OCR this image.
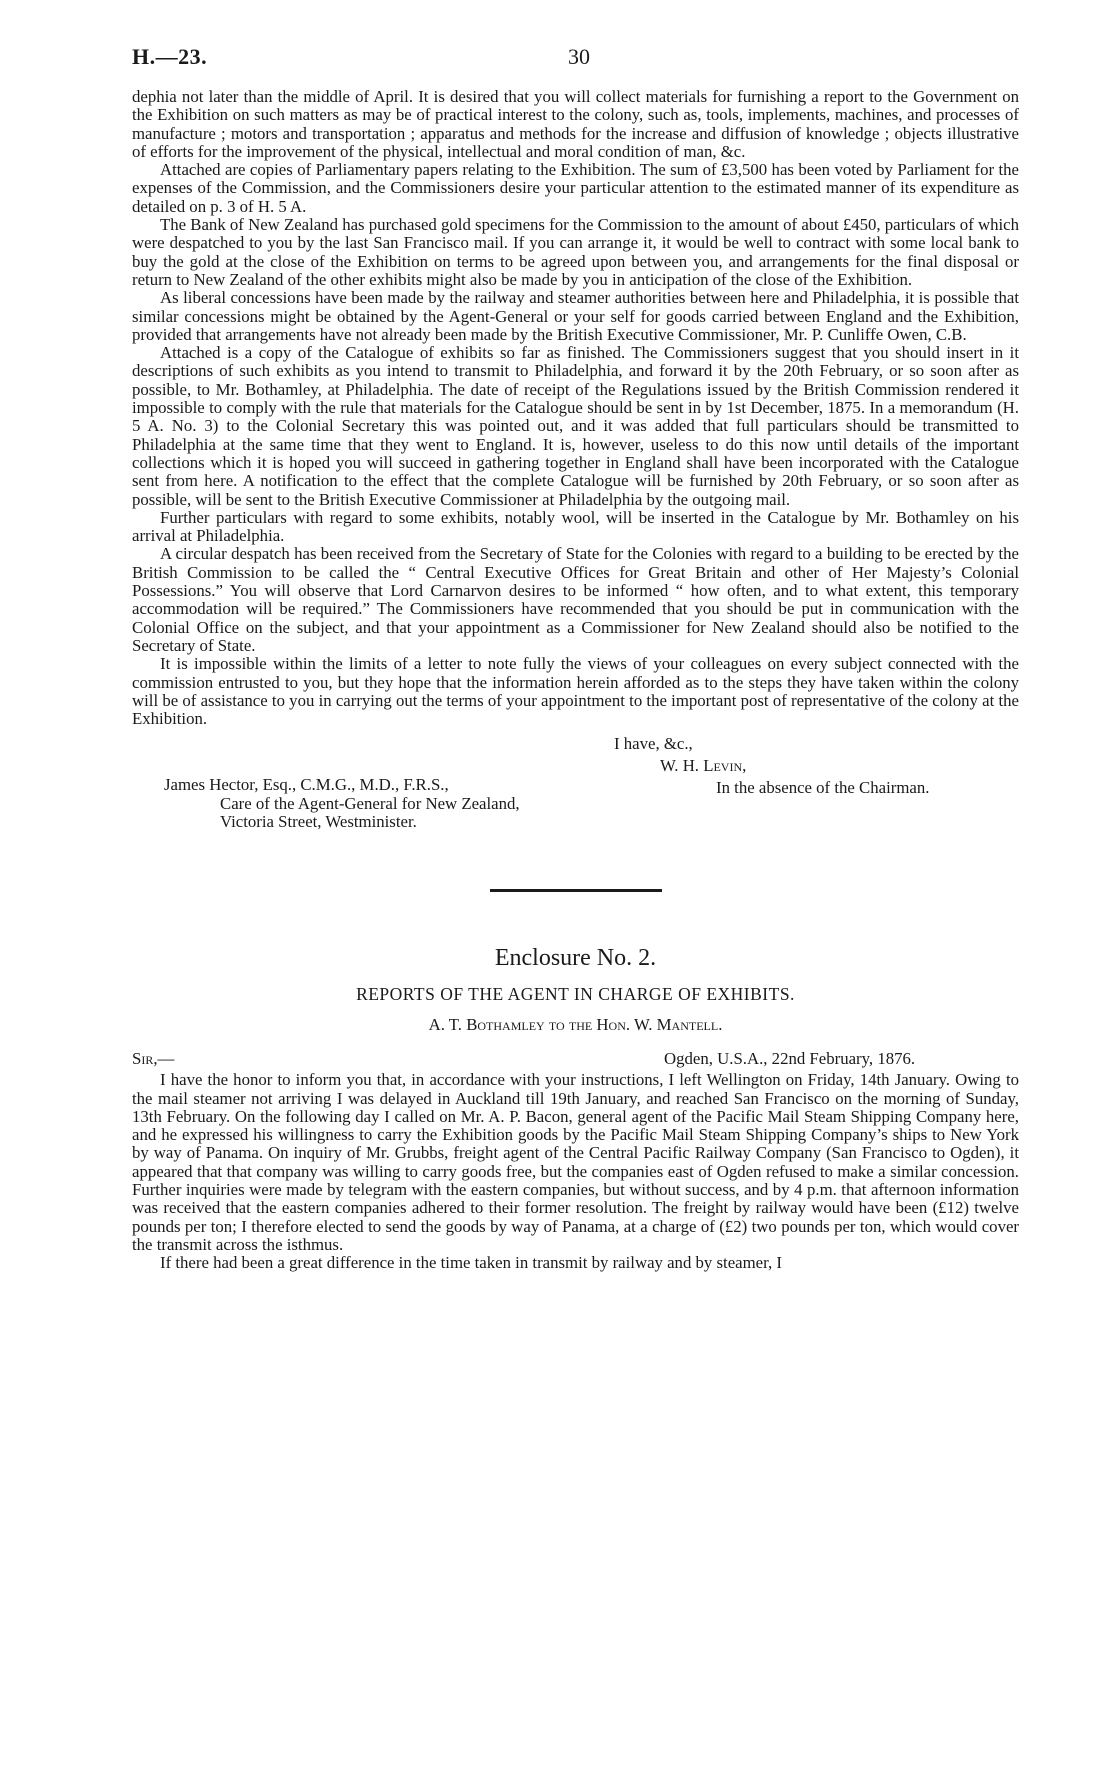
H.—23.	30

dephia not later than the middle of April. It is desired that you will collect materials for furnishing a report to the Government on the Exhibition on such matters as may be of practical interest to the colony, such as, tools, implements, machines, and processes of manufacture ; motors and transportation ; apparatus and methods for the increase and diffusion of knowledge ; objects illustrative of efforts for the improvement of the physical, intellectual and moral condition of man, &c.

Attached are copies of Parliamentary papers relating to the Exhibition. The sum of £3,500 has been voted by Parliament for the expenses of the Commission, and the Commissioners desire your particular attention to the estimated manner of its expenditure as detailed on p. 3 of H. 5 A.

The Bank of New Zealand has purchased gold specimens for the Commission to the amount of about £450, particulars of which were despatched to you by the last San Francisco mail. If you can arrange it, it would be well to contract with some local bank to buy the gold at the close of the Exhibition on terms to be agreed upon between you, and arrangements for the final disposal or return to New Zealand of the other exhibits might also be made by you in anticipation of the close of the Exhibition.

As liberal concessions have been made by the railway and steamer authorities between here and Philadelphia, it is possible that similar concessions might be obtained by the Agent-General or your self for goods carried between England and the Exhibition, provided that arrangements have not already been made by the British Executive Commissioner, Mr. P. Cunliffe Owen, C.B.

Attached is a copy of the Catalogue of exhibits so far as finished. The Commissioners suggest that you should insert in it descriptions of such exhibits as you intend to transmit to Philadelphia, and forward it by the 20th February, or so soon after as possible, to Mr. Bothamley, at Philadelphia. The date of receipt of the Regulations issued by the British Commission rendered it impossible to comply with the rule that materials for the Catalogue should be sent in by 1st December, 1875. In a memorandum (H. 5 A. No. 3) to the Colonial Secretary this was pointed out, and it was added that full particulars should be transmitted to Philadelphia at the same time that they went to England. It is, however, useless to do this now until details of the important collections which it is hoped you will succeed in gathering together in England shall have been incorporated with the Catalogue sent from here. A notification to the effect that the complete Catalogue will be furnished by 20th February, or so soon after as possible, will be sent to the British Executive Commissioner at Philadelphia by the outgoing mail.

Further particulars with regard to some exhibits, notably wool, will be inserted in the Catalogue by Mr. Bothamley on his arrival at Philadelphia.

A circular despatch has been received from the Secretary of State for the Colonies with regard to a building to be erected by the British Commission to be called the “ Central Executive Offices for Great Britain and other of Her Majesty’s Colonial Possessions.” You will observe that Lord Carnarvon desires to be informed “ how often, and to what extent, this temporary accommodation will be required.” The Commissioners have recommended that you should be put in communication with the Colonial Office on the subject, and that your appointment as a Commissioner for New Zealand should also be notified to the Secretary of State.

It is impossible within the limits of a letter to note fully the views of your colleagues on every subject connected with the commission entrusted to you, but they hope that the information herein afforded as to the steps they have taken within the colony will be of assistance to you in carrying out the terms of your appointment to the important post of representative of the colony at the Exhibition.

I have, &c.,
W. H. Levin,
In the absence of the Chairman.
James Hector, Esq., C.M.G., M.D., F.R.S.,
Care of the Agent-General for New Zealand,
Victoria Street, Westminister.
Enclosure No. 2.
REPORTS OF THE AGENT IN CHARGE OF EXHIBITS.
A. T. Bothamley to the Hon. W. Mantell.
Sir,—	Ogden, U.S.A., 22nd February, 1876.

I have the honor to inform you that, in accordance with your instructions, I left Wellington on Friday, 14th January. Owing to the mail steamer not arriving I was delayed in Auckland till 19th January, and reached San Francisco on the morning of Sunday, 13th February. On the following day I called on Mr. A. P. Bacon, general agent of the Pacific Mail Steam Shipping Company here, and he expressed his willingness to carry the Exhibition goods by the Pacific Mail Steam Shipping Company’s ships to New York by way of Panama. On inquiry of Mr. Grubbs, freight agent of the Central Pacific Railway Company (San Francisco to Ogden), it appeared that that company was willing to carry goods free, but the companies east of Ogden refused to make a similar concession. Further inquiries were made by telegram with the eastern companies, but without success, and by 4 p.m. that afternoon information was received that the eastern companies adhered to their former resolution. The freight by railway would have been (£12) twelve pounds per ton; I therefore elected to send the goods by way of Panama, at a charge of (£2) two pounds per ton, which would cover the transmit across the isthmus.

If there had been a great difference in the time taken in transmit by railway and by steamer, I
